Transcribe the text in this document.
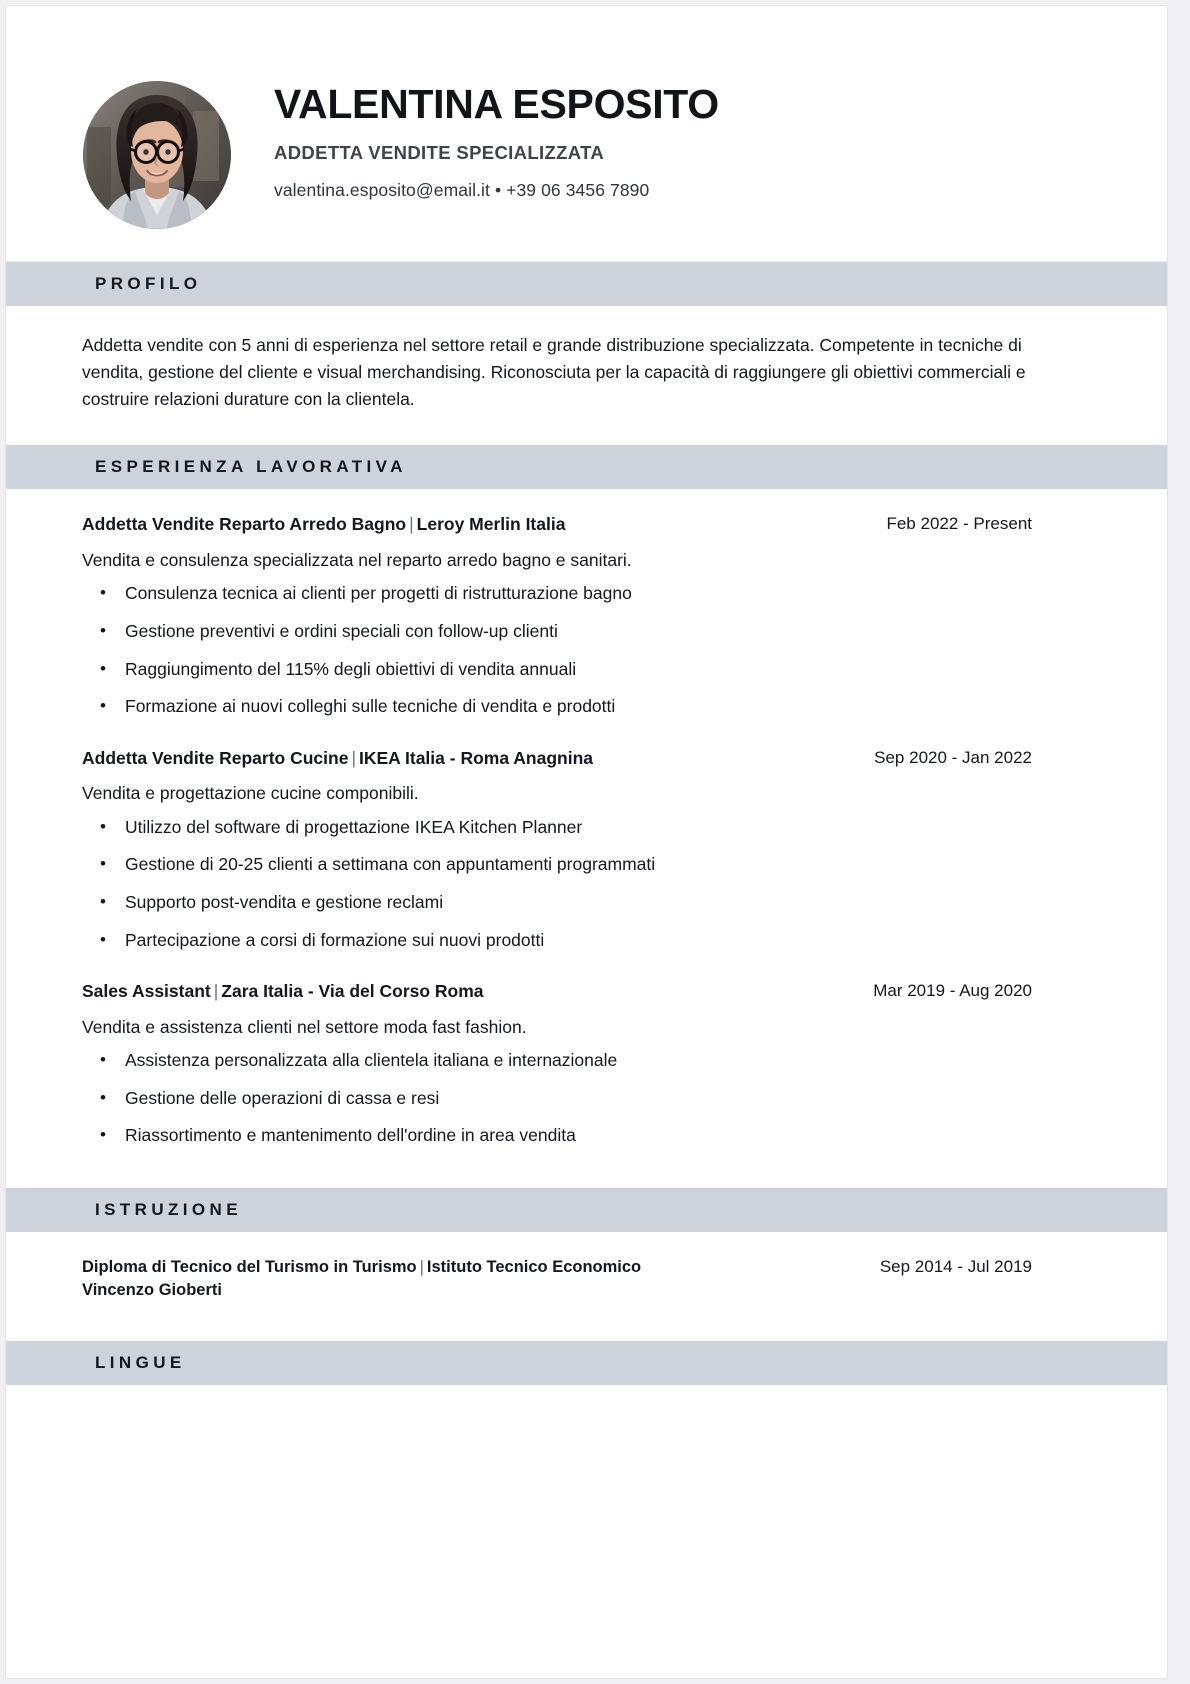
VALENTINA ESPOSITO
ADDETTA VENDITE SPECIALIZZATA
valentina.esposito@email.it • +39 06 3456 7890
PROFILO

Addetta vendite con 5 anni di esperienza nel settore retail e grande distribuzione specializzata. Competente in tecniche di vendita, gestione del cliente e visual merchandising. Riconosciuta per la capacità di raggiungere gli obiettivi commerciali e costruire relazioni durature con la clientela.

ESPERIENZA LAVORATIVA
Addetta Vendite Reparto Arredo Bagno | Leroy Merlin Italia	Feb 2022 - Present
Vendita e consulenza specializzata nel reparto arredo bagno e sanitari.
• Consulenza tecnica ai clienti per progetti di ristrutturazione bagno
• Gestione preventivi e ordini speciali con follow-up clienti
• Raggiungimento del 115% degli obiettivi di vendita annuali
• Formazione ai nuovi colleghi sulle tecniche di vendita e prodotti
Addetta Vendite Reparto Cucine | IKEA Italia - Roma Anagnina	Sep 2020 - Jan 2022
Vendita e progettazione cucine componibili.
• Utilizzo del software di progettazione IKEA Kitchen Planner
• Gestione di 20-25 clienti a settimana con appuntamenti programmati
• Supporto post-vendita e gestione reclami
• Partecipazione a corsi di formazione sui nuovi prodotti
Sales Assistant | Zara Italia - Via del Corso Roma	Mar 2019 - Aug 2020
Vendita e assistenza clienti nel settore moda fast fashion.
• Assistenza personalizzata alla clientela italiana e internazionale
• Gestione delle operazioni di cassa e resi
• Riassortimento e mantenimento dell'ordine in area vendita
ISTRUZIONE
Diploma di Tecnico del Turismo in Turismo | Istituto Tecnico Economico Vincenzo Gioberti
Sep 2014 - Jul 2019
LINGUE
